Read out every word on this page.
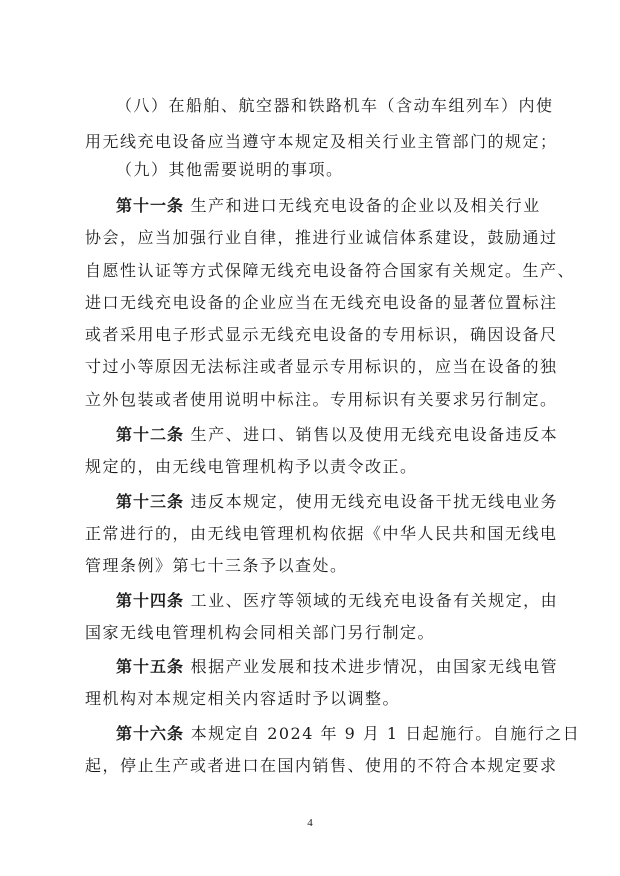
（八）在船舶、航空器和铁路机车（含动车组列车）内使
用无线充电设备应当遵守本规定及相关行业主管部门的规定；
（九）其他需要说明的事项。
第十一条 生产和进口无线充电设备的企业以及相关行业
协会，应当加强行业自律，推进行业诚信体系建设，鼓励通过
自愿性认证等方式保障无线充电设备符合国家有关规定。生产、
进口无线充电设备的企业应当在无线充电设备的显著位置标注
或者采用电子形式显示无线充电设备的专用标识，确因设备尺
寸过小等原因无法标注或者显示专用标识的，应当在设备的独
立外包装或者使用说明中标注。专用标识有关要求另行制定。
第十二条 生产、进口、销售以及使用无线充电设备违反本
规定的，由无线电管理机构予以责令改正。
第十三条 违反本规定，使用无线充电设备干扰无线电业务
正常进行的，由无线电管理机构依据《中华人民共和国无线电
管理条例》第七十三条予以查处。
第十四条 工业、医疗等领域的无线充电设备有关规定，由
国家无线电管理机构会同相关部门另行制定。
第十五条 根据产业发展和技术进步情况，由国家无线电管
理机构对本规定相关内容适时予以调整。
第十六条 本规定自 2024 年 9 月 1 日起施行。自施行之日
起，停止生产或者进口在国内销售、使用的不符合本规定要求
4
